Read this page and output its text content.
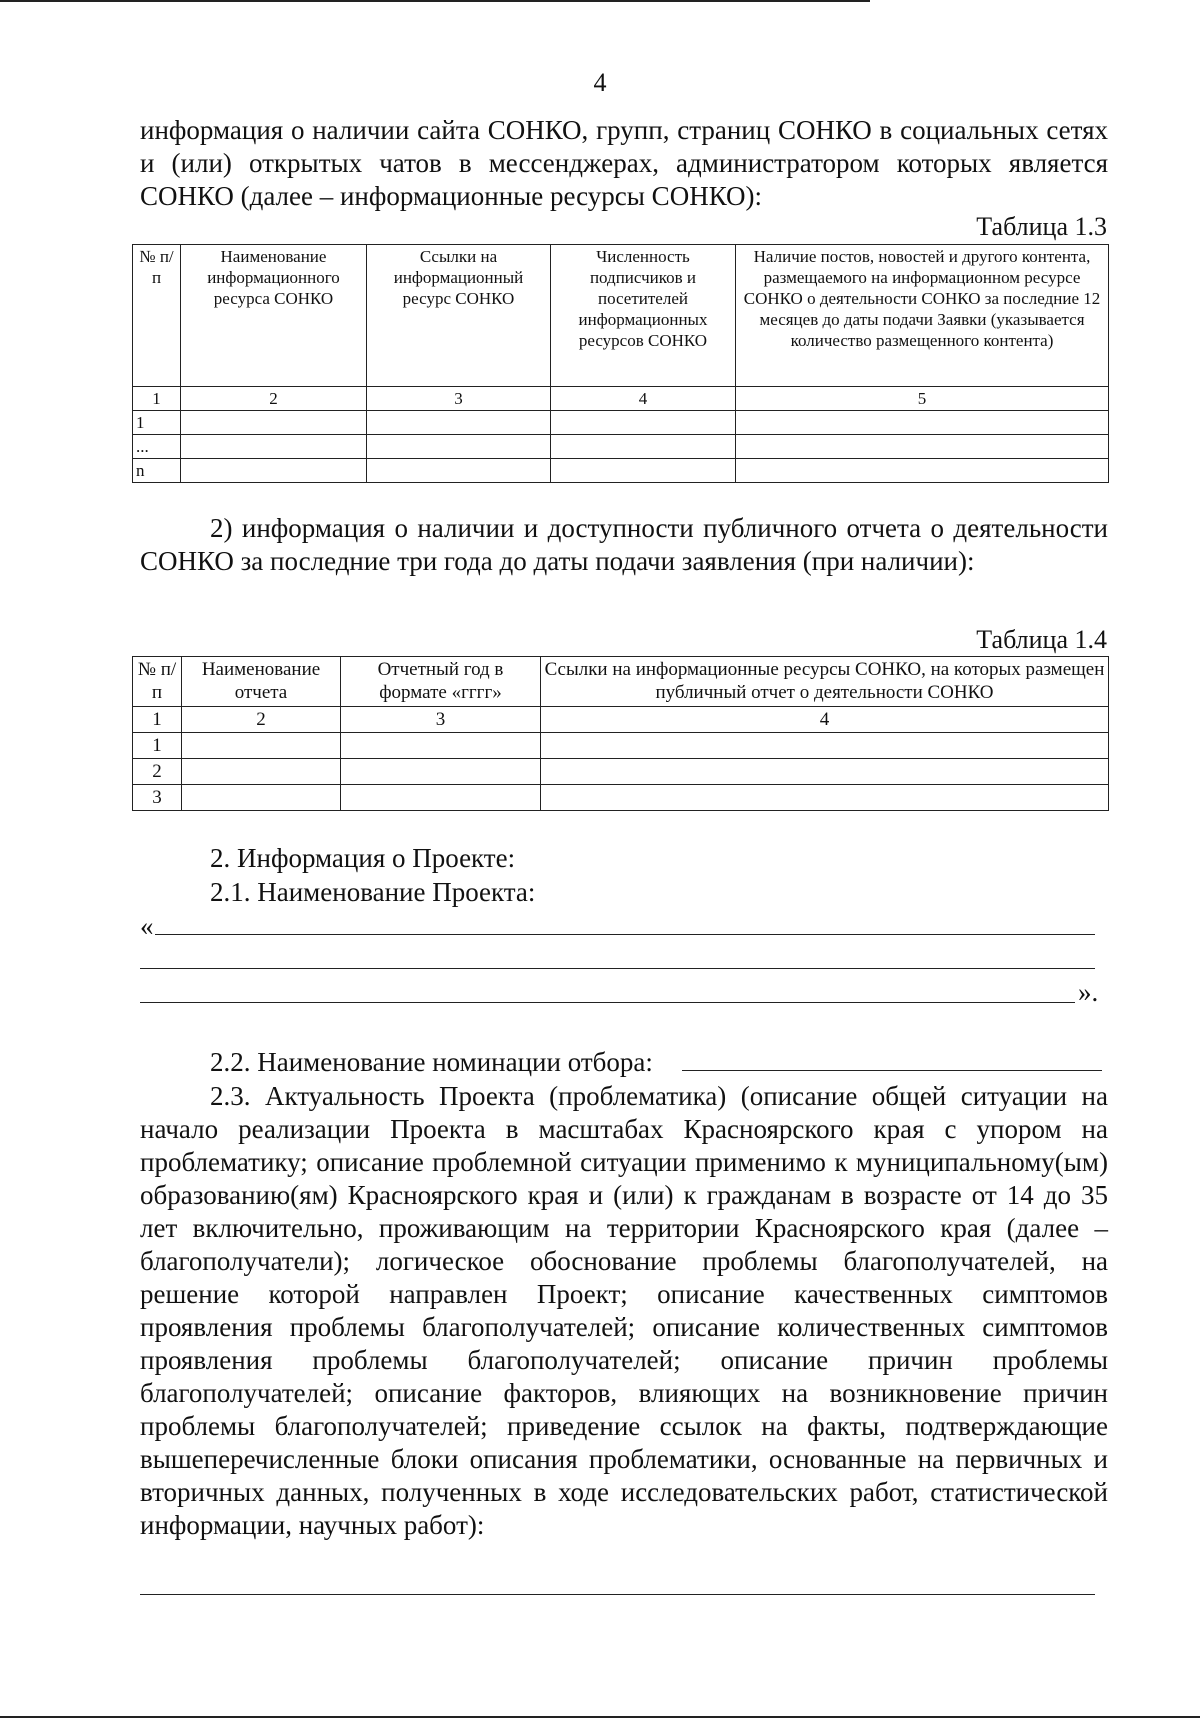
4

информация о наличии сайта СОНКО, групп, страниц СОНКО в социальных сетях и (или) открытых чатов в мессенджерах, администратором которых является СОНКО (далее – информационные ресурсы СОНКО):

Таблица 1.3
№ п/п	Наименование информационного ресурса СОНКО	Ссылки на информационный ресурс СОНКО	Численность подписчиков и посетителей информационных ресурсов СОНКО	Наличие постов, новостей и другого контента, размещаемого на информационном ресурсе СОНКО о деятельности СОНКО за последние 12 месяцев до даты подачи Заявки (указывается количество размещенного контента)
1	2	3	4	5
1				
...				
n				

2) информация о наличии и доступности публичного отчета о деятельности СОНКО за последние три года до даты подачи заявления (при наличии):

Таблица 1.4
№ п/п	Наименование отчета	Отчетный год в формате «гггг»	Ссылки на информационные ресурсы СОНКО, на которых размещен публичный отчет о деятельности СОНКО
1	2	3	4
1			
2			
3			
2. Информация о Проекте:
2.1. Наименование Проекта:
«
».
2.2. Наименование номинации отбора:

2.3. Актуальность Проекта (проблематика) (описание общей ситуации на начало реализации Проекта в масштабах Красноярского края с упором на проблематику; описание проблемной ситуации применимо к муниципальному(ым) образованию(ям) Красноярского края и (или) к гражданам в возрасте от 14 до 35 лет включительно, проживающим на территории Красноярского края (далее – благополучатели); логическое обоснование проблемы благополучателей, на решение которой направлен Проект; описание качественных симптомов проявления проблемы благополучателей; описание количественных симптомов проявления проблемы благополучателей; описание причин проблемы благополучателей; описание факторов, влияющих на возникновение причин проблемы благополучателей; приведение ссылок на факты, подтверждающие вышеперечисленные блоки описания проблематики, основанные на первичных и вторичных данных, полученных в ходе исследовательских работ, статистической информации, научных работ):
